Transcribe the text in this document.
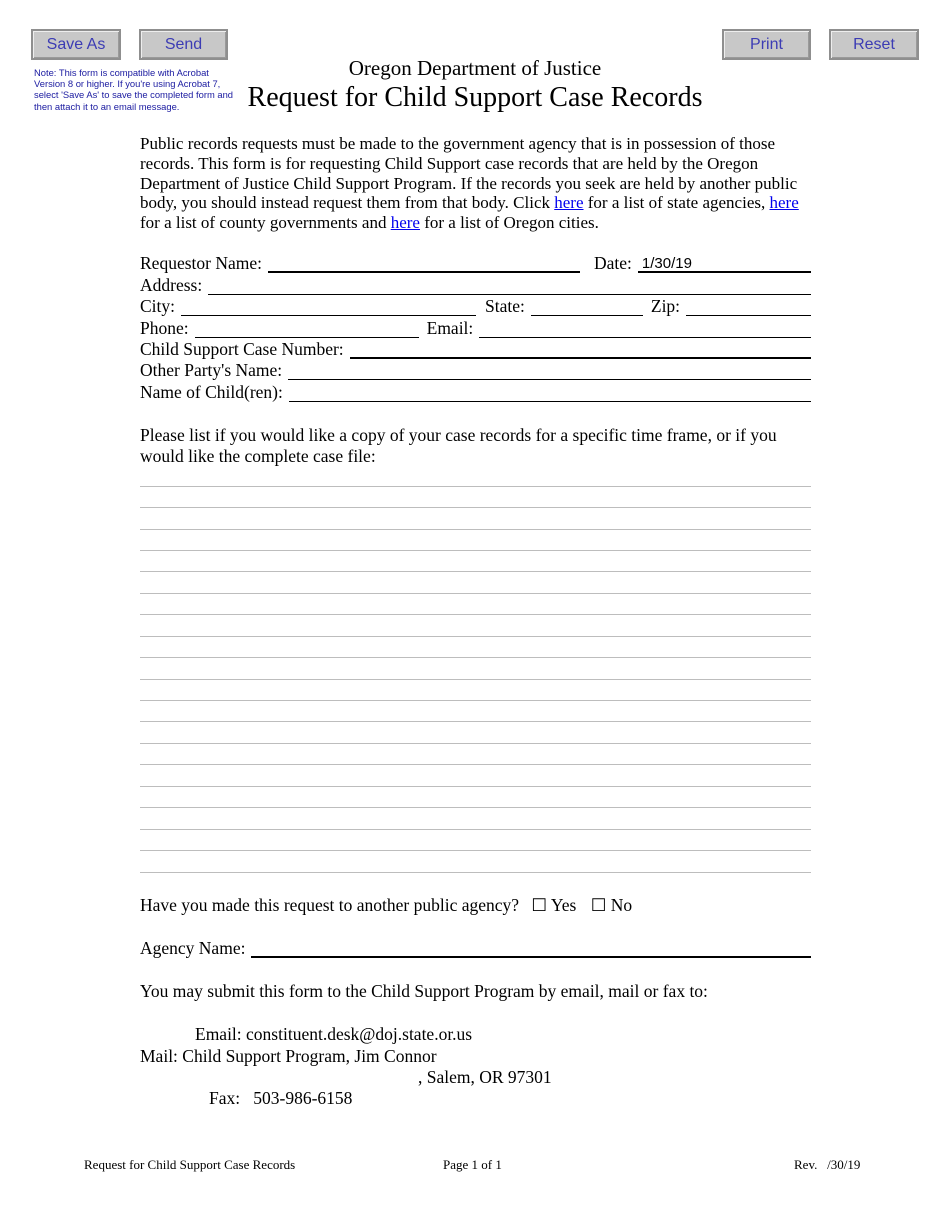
Save As	Send	Print	Reset
Note: This form is compatible with Acrobat Version 8 or higher. If you're using Acrobat 7, select 'Save As' to save the completed form and then attach it to an email message.
Oregon Department of Justice
Request for Child Support Case Records
Public records requests must be made to the government agency that is in possession of those records. This form is for requesting Child Support case records that are held by the Oregon Department of Justice Child Support Program. If the records you seek are held by another public body, you should instead request them from that body. Click here for a list of state agencies, here for a list of county governments and here for a list of Oregon cities.
Requestor Name:	Date: 1/30/19
Address:
City:	State:	Zip:
Phone:	Email:
Child Support Case Number:
Other Party's Name:
Name of Child(ren):
Please list if you would like a copy of your case records for a specific time frame, or if you would like the complete case file:
Have you made this request to another public agency? ☐ Yes ☐ No
Agency Name:
You may submit this form to the Child Support Program by email, mail or fax to:
Email: constituent.desk@doj.state.or.us
Mail: Child Support Program, Jim Connor
, Salem, OR 97301
Fax: 503-986-6158
Request for Child Support Case Records	Page 1 of 1	Rev.   /30/19
